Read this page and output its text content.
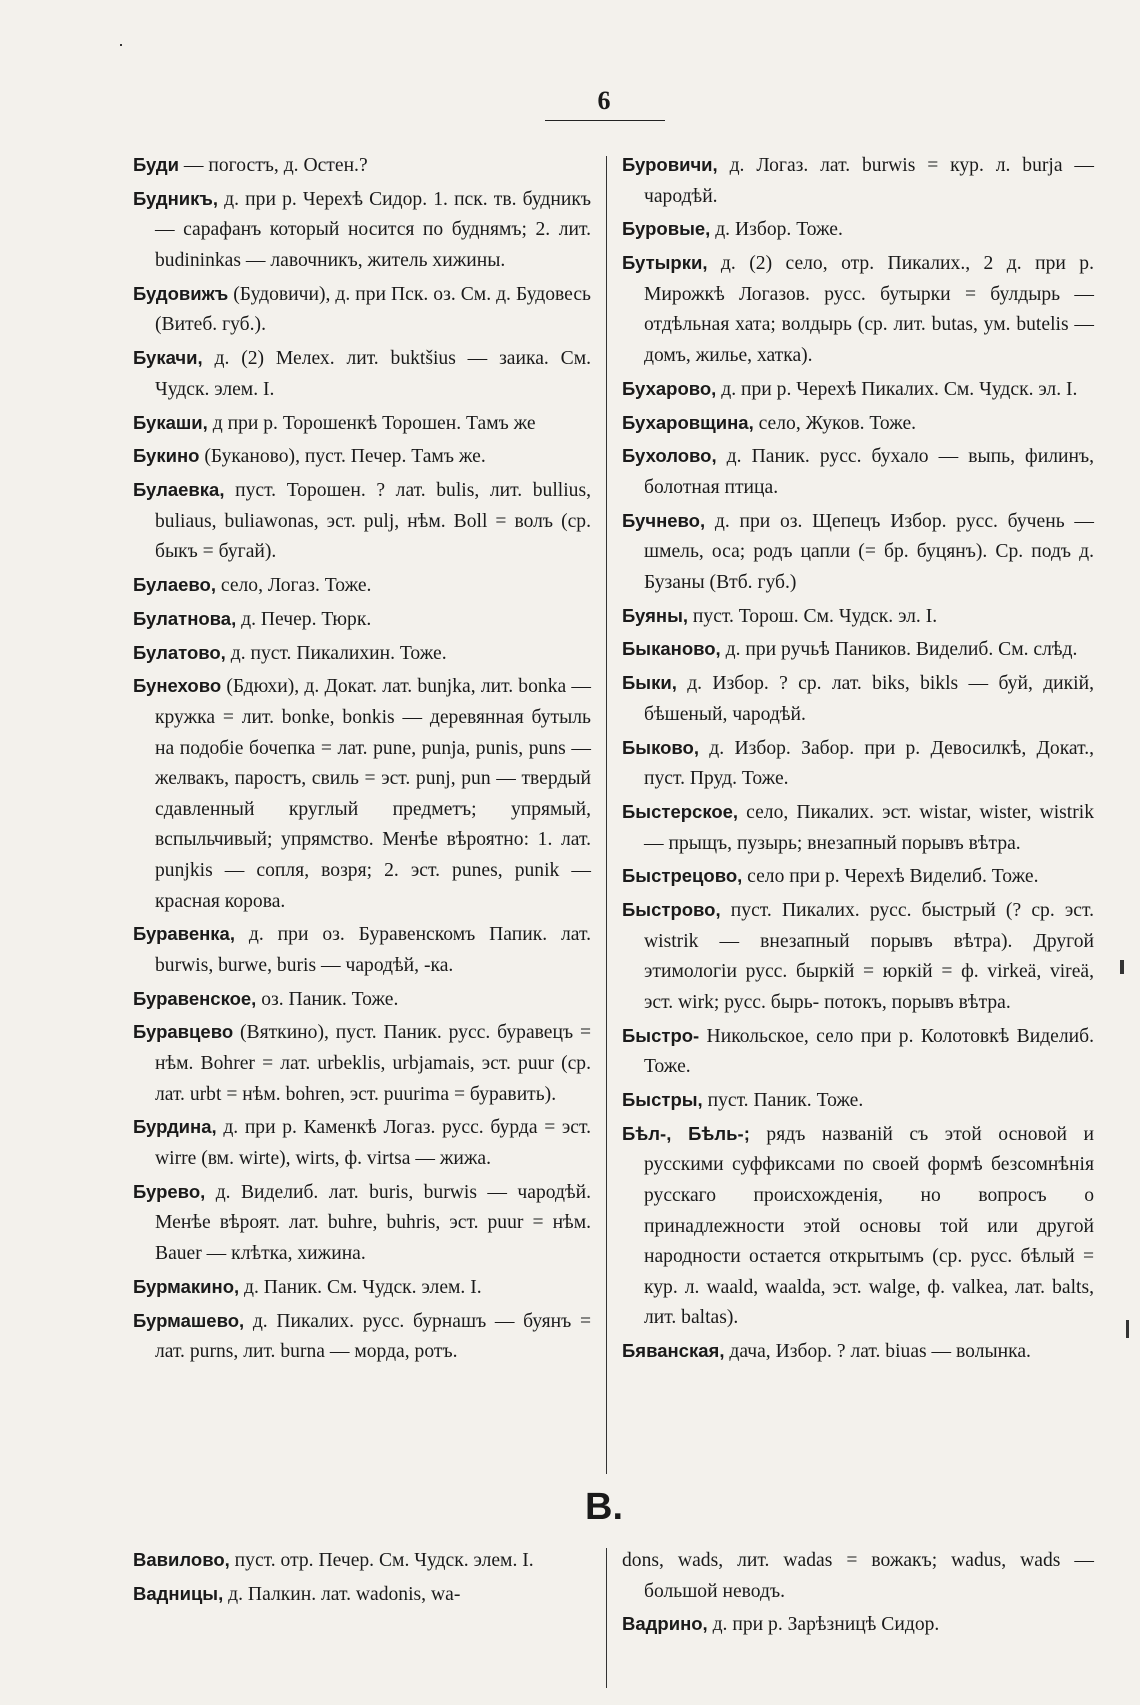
6

Буди — погостъ, д. Остен.?

Будникъ, д. при р. Черехѣ Сидор. 1. пск. тв. будникъ — сарафанъ который носится по буднямъ; 2. лит. budininkas — лавочникъ, житель хижины.

Будовижъ (Будовичи), д. при Пск. оз. См. д. Будовесь (Витеб. губ.).

Букачи, д. (2) Мелех. лит. buktšius — заика. См. Чудск. элем. I.

Букаши, д при р. Торошенкѣ Торошен. Тамъ же

Букино (Буканово), пуст. Печер. Тамъ же.

Булаевка, пуст. Торошен. ? лат. bulis, лит. bullius, buliaus, buliawonas, эст. pulj, нѣм. Boll = волъ (ср. быкъ = бугай).

Булаево, село, Логаз. Тоже.

Булатнова, д. Печер. Тюрк.

Булатово, д. пуст. Пикалихин. Тоже.

Бунехово (Бдюхи), д. Докат. лат. bunjka, лит. bonka — кружка = лит. bonke, bonkis — деревянная бутыль на подобіе бочепка = лат. pune, punja, punis, puns — желвакъ, паростъ, свиль = эст. punj, pun — твердый сдавленный круглый предметъ; упрямый, вспыльчивый; упрямство. Менѣе вѣроятно: 1. лат. punjkis — сопля, возря; 2. эст. punes, punik — красная корова.

Буравенка, д. при оз. Буравенскомъ Папик. лат. burwis, burwe, buris — чародѣй, -ка.

Буравенское, оз. Паник. Тоже.

Буравцево (Вяткино), пуст. Паник. русс. буравецъ = нѣм. Bohrer = лат. urbeklis, urbjamais, эст. puur (ср. лат. urbt = нѣм. bohren, эст. puurima = буравить).

Бурдина, д. при р. Каменкѣ Логаз. русс. бурда = эст. wirre (вм. wirte), wirts, ф. virtsa — жижа.

Бурево, д. Виделиб. лат. buris, burwis — чародѣй. Менѣе вѣроят. лат. buhre, buhris, эст. puur = нѣм. Bauer — клѣтка, хижина.

Бурмакино, д. Паник. См. Чудск. элем. I.

Бурмашево, д. Пикалих. русс. бурнашъ — буянъ = лат. purns, лит. burna — морда, ротъ.

Буровичи, д. Логаз. лат. burwis = кур. л. burja — чародѣй.

Буровые, д. Избор. Тоже.

Бутырки, д. (2) село, отр. Пикалих., 2 д. при р. Мирожкѣ Логазов. русс. бутырки = булдырь — отдѣльная хата; волдырь (ср. лит. butas, ум. butelis — домъ, жилье, хатка).

Бухарово, д. при р. Черехѣ Пикалих. См. Чудск. эл. I.

Бухаровщина, село, Жуков. Тоже.

Бухолово, д. Паник. русс. бухало — выпь, филинъ, болотная птица.

Бучнево, д. при оз. Щепецъ Избор. русс. бучень — шмель, оса; родъ цапли (= бр. буцянъ). Ср. подъ д. Бузаны (Втб. губ.)

Буяны, пуст. Торош. См. Чудск. эл. I.

Быканово, д. при ручьѣ Паников. Виделиб. См. слѣд.

Быки, д. Избор. ? ср. лат. biks, bikls — буй, дикій, бѣшеный, чародѣй.

Быково, д. Избор. Забор. при р. Девосилкѣ, Докат., пуст. Пруд. Тоже.

Быстерское, село, Пикалих. эст. wistar, wister, wistrik — прыщъ, пузырь; внезапный порывъ вѣтра.

Быстрецово, село при р. Черехѣ Виделиб. Тоже.

Быстрово, пуст. Пикалих. русс. быстрый (? ср. эст. wistrik — внезапный порывъ вѣтра). Другой этимологіи русс. быркій = юркій = ф. virkeä, vireä, эст. wirk; русс. бырь- потокъ, порывъ вѣтра.

Быстро- Никольское, село при р. Колотовкѣ Виделиб. Тоже.

Быстры, пуст. Паник. Тоже.

Бѣл-, Бѣль-; рядъ названій съ этой основой и русскими суффиксами по своей формѣ безсомнѣнія русскаго происхожденія, но вопросъ о принадлежности этой основы той или другой народности остается открытымъ (ср. русс. бѣлый = кур. л. waald, waalda, эст. walge, ф. valkea, лат. balts, лит. baltas).

Бяванская, дача, Избор. ? лат. biuas — волынка.

В.

Вавилово, пуст. отр. Печер. См. Чудск. элем. I.

Вадницы, д. Палкин. лат. wadonis, wa-

dons, wads, лит. wadas = вожакъ; wadus, wads — большой неводъ.

Вадрино, д. при р. Зарѣзницѣ Сидор.
